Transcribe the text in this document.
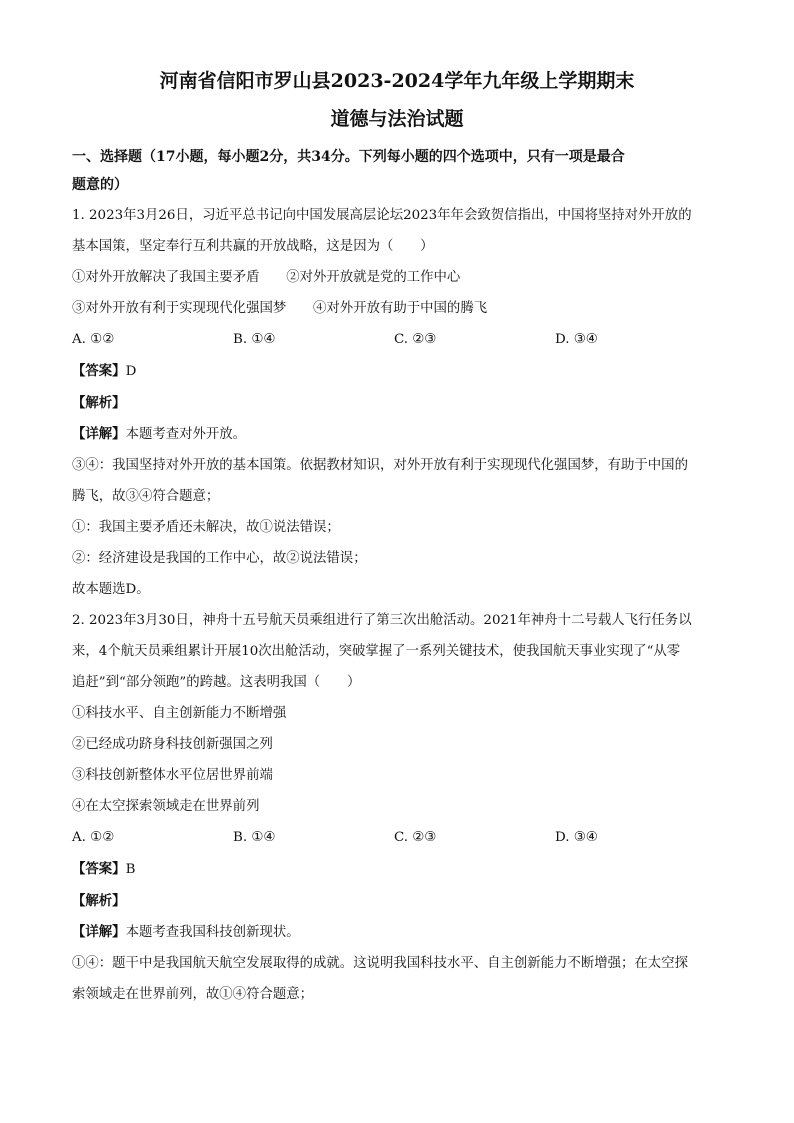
河南省信阳市罗山县2023-2024学年九年级上学期期末
道德与法治试题
一、选择题（17小题，每小题2分，共34分。下列每小题的四个选项中，只有一项是最合
题意的）
1. 2023年3月26日，习近平总书记向中国发展高层论坛2023年年会致贺信指出，中国将坚持对外开放的
基本国策，坚定奉行互利共赢的开放战略，这是因为（　　）
①对外开放解决了我国主要矛盾　　②对外开放就是党的工作中心
③对外开放有利于实现现代化强国梦　　④对外开放有助于中国的腾飞
A. ①②	B. ①④	C. ②③	D. ③④
【答案】D
【解析】
【详解】本题考查对外开放。
③④：我国坚持对外开放的基本国策。依据教材知识，对外开放有利于实现现代化强国梦，有助于中国的
腾飞，故③④符合题意；
①：我国主要矛盾还未解决，故①说法错误；
②：经济建设是我国的工作中心，故②说法错误；
故本题选D。
2. 2023年3月30日，神舟十五号航天员乘组进行了第三次出舱活动。2021年神舟十二号载人飞行任务以
来，4个航天员乘组累计开展10次出舱活动，突破掌握了一系列关键技术，使我国航天事业实现了“从零
追赶”到“部分领跑”的跨越。这表明我国（　　）
①科技水平、自主创新能力不断增强
②已经成功跻身科技创新强国之列
③科技创新整体水平位居世界前端
④在太空探索领域走在世界前列
A. ①②	B. ①④	C. ②③	D. ③④
【答案】B
【解析】
【详解】本题考查我国科技创新现状。
①④：题干中是我国航天航空发展取得的成就。这说明我国科技水平、自主创新能力不断增强；在太空探
索领域走在世界前列，故①④符合题意；
